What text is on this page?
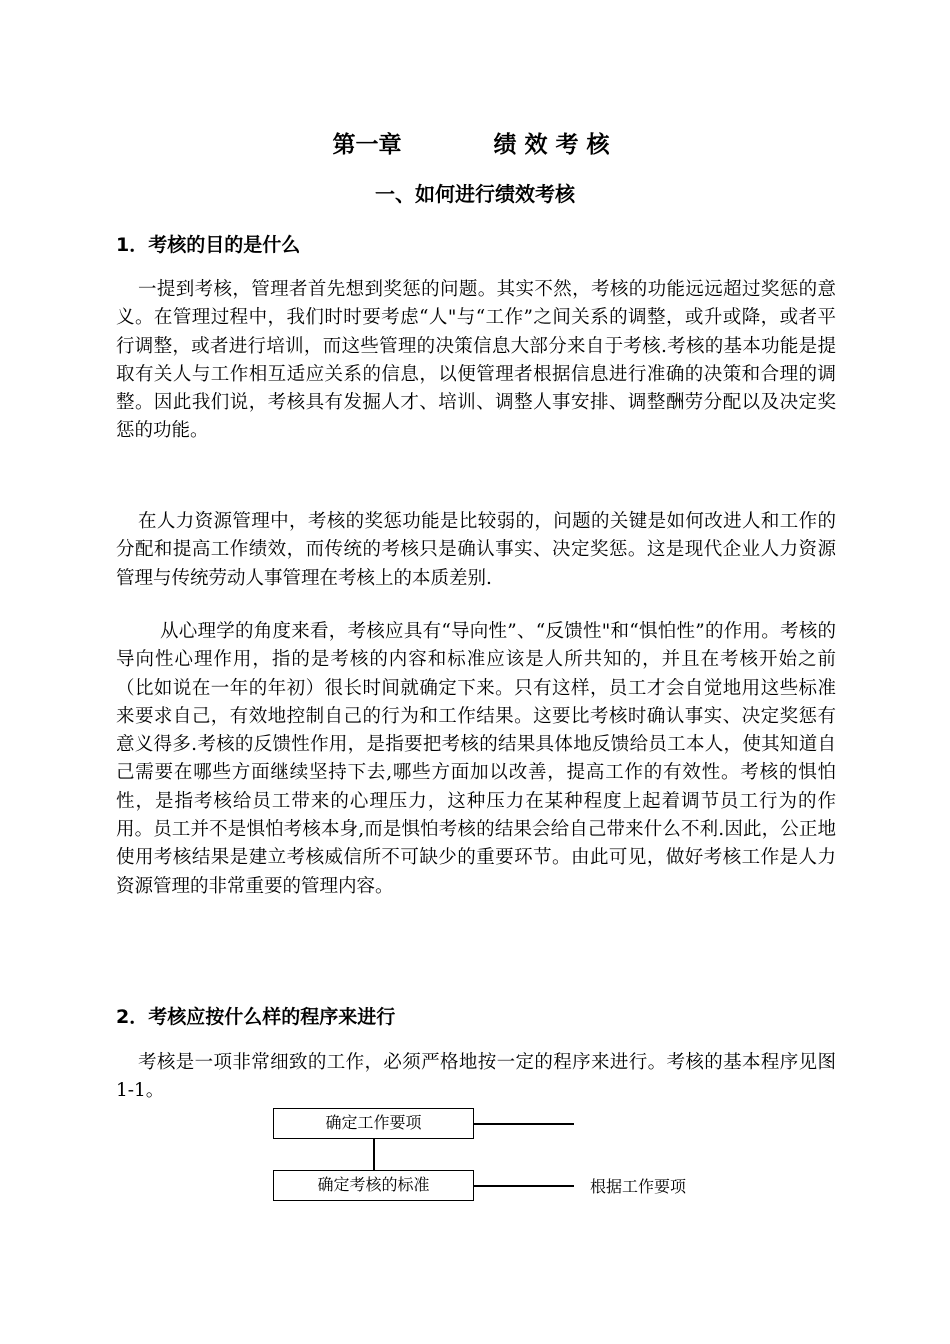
第一章	绩效考核
一、如何进行绩效考核
1．考核的目的是什么

一提到考核，管理者首先想到奖惩的问题。其实不然，考核的功能远远超过奖惩的意义。在管理过程中，我们时时要考虑“人"与“工作”之间关系的调整，或升或降，或者平行调整，或者进行培训，而这些管理的决策信息大部分来自于考核.考核的基本功能是提取有关人与工作相互适应关系的信息，以便管理者根据信息进行准确的决策和合理的调整。因此我们说，考核具有发掘人才、培训、调整人事安排、调整酬劳分配以及决定奖惩的功能。

在人力资源管理中，考核的奖惩功能是比较弱的，问题的关键是如何改进人和工作的分配和提高工作绩效，而传统的考核只是确认事实、决定奖惩。这是现代企业人力资源管理与传统劳动人事管理在考核上的本质差别.

从心理学的角度来看，考核应具有“导向性”、“反馈性"和“惧怕性”的作用。考核的导向性心理作用，指的是考核的内容和标准应该是人所共知的，并且在考核开始之前（比如说在一年的年初）很长时间就确定下来。只有这样，员工才会自觉地用这些标准来要求自己，有效地控制自己的行为和工作结果。这要比考核时确认事实、决定奖惩有意义得多.考核的反馈性作用，是指要把考核的结果具体地反馈给员工本人，使其知道自己需要在哪些方面继续坚持下去,哪些方面加以改善，提高工作的有效性。考核的惧怕性，是指考核给员工带来的心理压力，这种压力在某种程度上起着调节员工行为的作用。员工并不是惧怕考核本身,而是惧怕考核的结果会给自己带来什么不利.因此，公正地使用考核结果是建立考核威信所不可缺少的重要环节。由此可见，做好考核工作是人力资源管理的非常重要的管理内容。

2．考核应按什么样的程序来进行

考核是一项非常细致的工作，必须严格地按一定的程序来进行。考核的基本程序见图 1-1。

确定工作要项
确定考核的标准	根据工作要项
